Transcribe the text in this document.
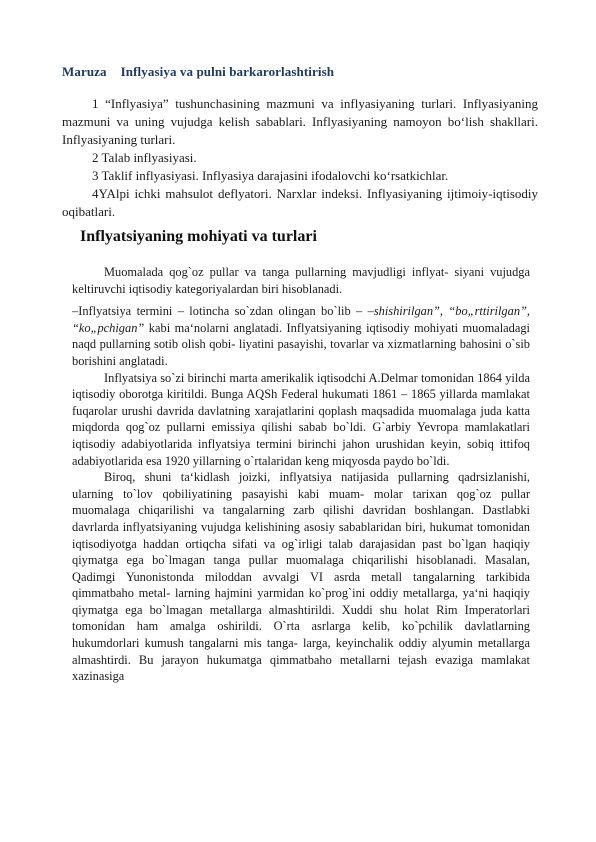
Maruza Inflyasiya va pulni barkarorlashtirish

1 “Inflyasiya” tushunchasining mazmuni va inflyasiyaning turlari. Inflyasiyaning mazmuni va uning vujudga kelish sabablari. Inflyasiyaning namoyon bo‘lish shakllari. Inflyasiyaning turlari.

2 Talab inflyasiyasi.

3 Taklif inflyasiyasi. Inflyasiya darajasini ifodalovchi ko‘rsatkichlar.

4YAlpi ichki mahsulot deflyatori. Narxlar indeksi. Inflyasiyaning ijtimoiy-iqtisodiy oqibatlari.

Inflyatsiyaning mohiyati va turlari

Muomalada qog`oz pullar va tanga pullarning mavjudligi inflyat- siyani vujudga keltiruvchi iqtisodiy kategoriyalardan biri hisoblanadi.

–Inflyatsiya termini – lotincha so`zdan olingan bo`lib – –shishirilgan”, “bo„rttirilgan”, “ko„pchigan” kabi ma‘nolarni anglatadi. Inflyatsiyaning iqtisodiy mohiyati muomaladagi naqd pullarning sotib olish qobi- liyatini pasayishi, tovarlar va xizmatlarning bahosini o`sib borishini anglatadi.

Inflyatsiya so`zi birinchi marta amerikalik iqtisodchi A.Delmar tomonidan 1864 yilda iqtisodiy oborotga kiritildi. Bunga AQSh Federal hukumati 1861 – 1865 yillarda mamlakat fuqarolar urushi davrida davlatning xarajatlarini qoplash maqsadida muomalaga juda katta miqdorda qog`oz pullarni emissiya qilishi sabab bo`ldi. G`arbiy Yevropa mamlakatlari iqtisodiy adabiyotlarida inflyatsiya termini birinchi jahon urushidan keyin, sobiq ittifoq adabiyotlarida esa 1920 yillarning o`rtalaridan keng miqyosda paydo bo`ldi.

Biroq, shuni ta‘kidlash joizki, inflyatsiya natijasida pullarning qadrsizlanishi, ularning to`lov qobiliyatining pasayishi kabi muam- molar tarixan qog`oz pullar muomalaga chiqarilishi va tangalarning zarb qilishi davridan boshlangan. Dastlabki davrlarda inflyatsiyaning vujudga kelishining asosiy sabablaridan biri, hukumat tomonidan iqtisodiyotga haddan ortiqcha sifati va og`irligi talab darajasidan past bo`lgan haqiqiy qiymatga ega bo`lmagan tanga pullar muomalaga chiqarilishi hisoblanadi. Masalan, Qadimgi Yunonistonda miloddan avvalgi VI asrda metall tangalarning tarkibida qimmatbaho metal- larning hajmini yarmidan ko`prog`ini oddiy metallarga, ya‘ni haqiqiy qiymatga ega bo`lmagan metallarga almashtirildi. Xuddi shu holat Rim Imperatorlari tomonidan ham amalga oshirildi. O`rta asrlarga kelib, ko`pchilik davlatlarning hukumdorlari kumush tangalarni mis tanga- larga, keyinchalik oddiy alyumin metallarga almashtirdi. Bu jarayon hukumatga qimmatbaho metallarni tejash evaziga mamlakat xazinasiga
